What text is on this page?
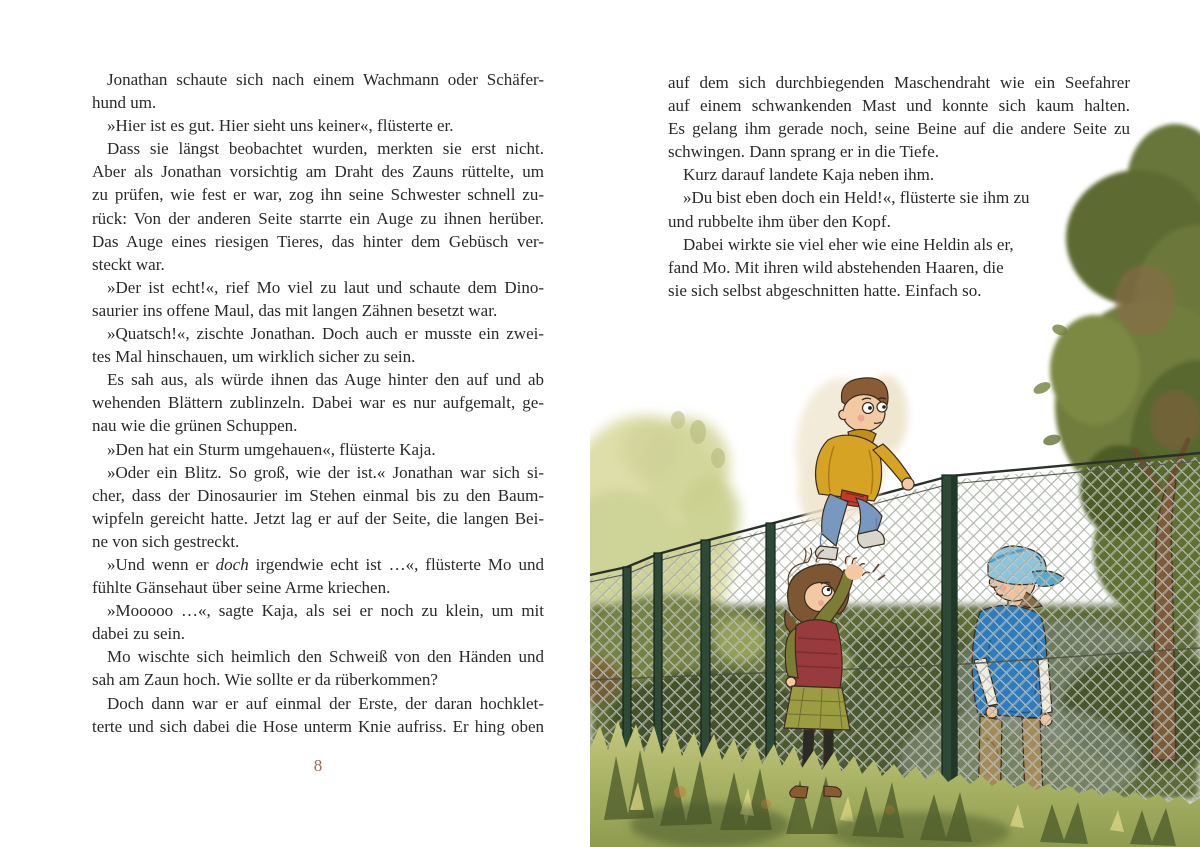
Jonathan schaute sich nach einem Wachmann oder Schäfer-
hund um.
»Hier ist es gut. Hier sieht uns keiner«, flüsterte er.
Dass sie längst beobachtet wurden, merkten sie erst nicht.
Aber als Jonathan vorsichtig am Draht des Zauns rüttelte, um
zu prüfen, wie fest er war, zog ihn seine Schwester schnell zu-
rück: Von der anderen Seite starrte ein Auge zu ihnen herüber.
Das Auge eines riesigen Tieres, das hinter dem Gebüsch ver-
steckt war.
»Der ist echt!«, rief Mo viel zu laut und schaute dem Dino-
saurier ins offene Maul, das mit langen Zähnen besetzt war.
»Quatsch!«, zischte Jonathan. Doch auch er musste ein zwei-
tes Mal hinschauen, um wirklich sicher zu sein.
Es sah aus, als würde ihnen das Auge hinter den auf und ab
wehenden Blättern zublinzeln. Dabei war es nur aufgemalt, ge-
nau wie die grünen Schuppen.
»Den hat ein Sturm umgehauen«, flüsterte Kaja.
»Oder ein Blitz. So groß, wie der ist.« Jonathan war sich si-
cher, dass der Dinosaurier im Stehen einmal bis zu den Baum-
wipfeln gereicht hatte. Jetzt lag er auf der Seite, die langen Bei-
ne von sich gestreckt.
»Und wenn er doch irgendwie echt ist …«, flüsterte Mo und
fühlte Gänsehaut über seine Arme kriechen.
»Mooooo …«, sagte Kaja, als sei er noch zu klein, um mit
dabei zu sein.
Mo wischte sich heimlich den Schweiß von den Händen und
sah am Zaun hoch. Wie sollte er da rüberkommen?
Doch dann war er auf einmal der Erste, der daran hochklet-
terte und sich dabei die Hose unterm Knie aufriss. Er hing oben
8
auf dem sich durchbiegenden Maschendraht wie ein Seefahrer
auf einem schwankenden Mast und konnte sich kaum halten.
Es gelang ihm gerade noch, seine Beine auf die andere Seite zu
schwingen. Dann sprang er in die Tiefe.
Kurz darauf landete Kaja neben ihm.
»Du bist eben doch ein Held!«, flüsterte sie ihm zu
und rubbelte ihm über den Kopf.
Dabei wirkte sie viel eher wie eine Heldin als er,
fand Mo. Mit ihren wild abstehenden Haaren, die
sie sich selbst abgeschnitten hatte. Einfach so.
